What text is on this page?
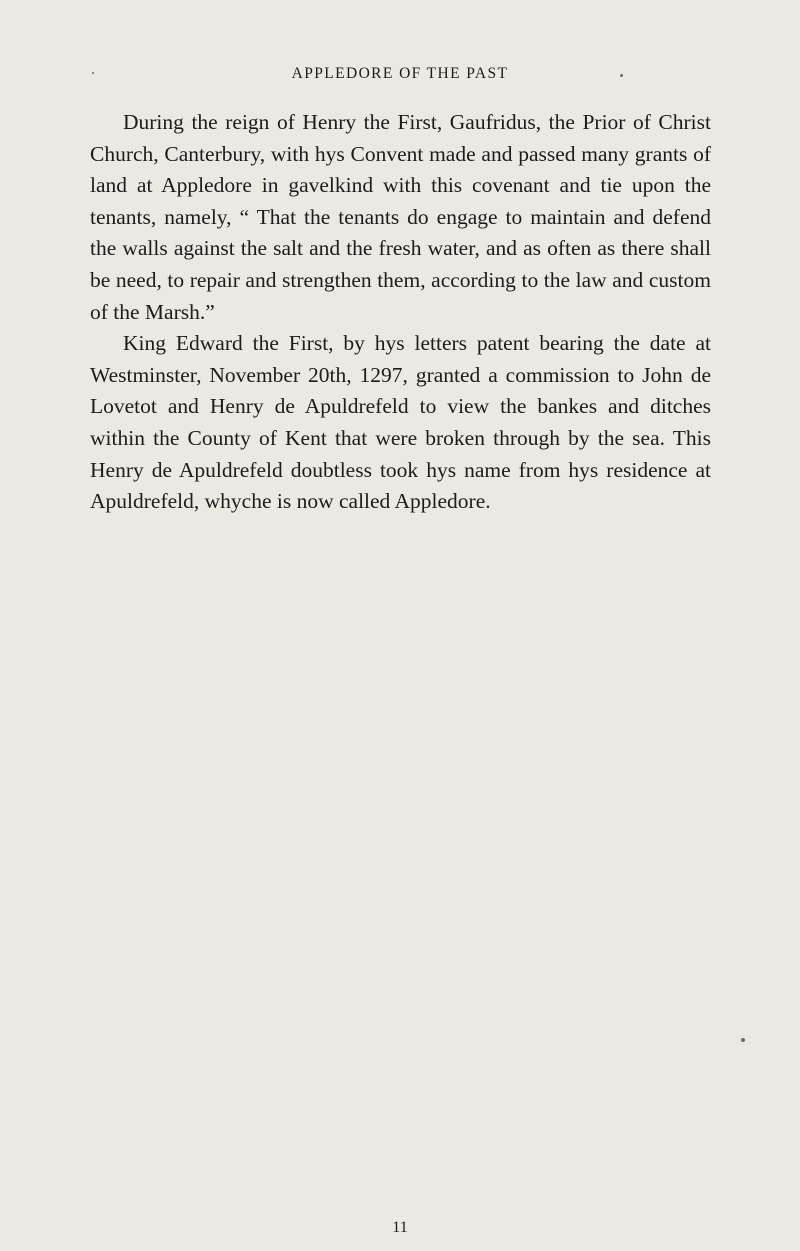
APPLEDORE OF THE PAST

During the reign of Henry the First, Gaufridus, the Prior of Christ Church, Canterbury, with hys Convent made and passed many grants of land at Appledore in gavelkind with this covenant and tie upon the tenants, namely, “ That the tenants do engage to maintain and defend the walls against the salt and the fresh water, and as often as there shall be need, to repair and strengthen them, according to the law and custom of the Marsh.”

King Edward the First, by hys letters patent bearing the date at Westminster, November 20th, 1297, granted a commission to John de Lovetot and Henry de Apuldrefeld to view the bankes and ditches within the County of Kent that were broken through by the sea. This Henry de Apuldrefeld doubtless took hys name from hys residence at Apuldrefeld, whyche is now called Appledore.

11
